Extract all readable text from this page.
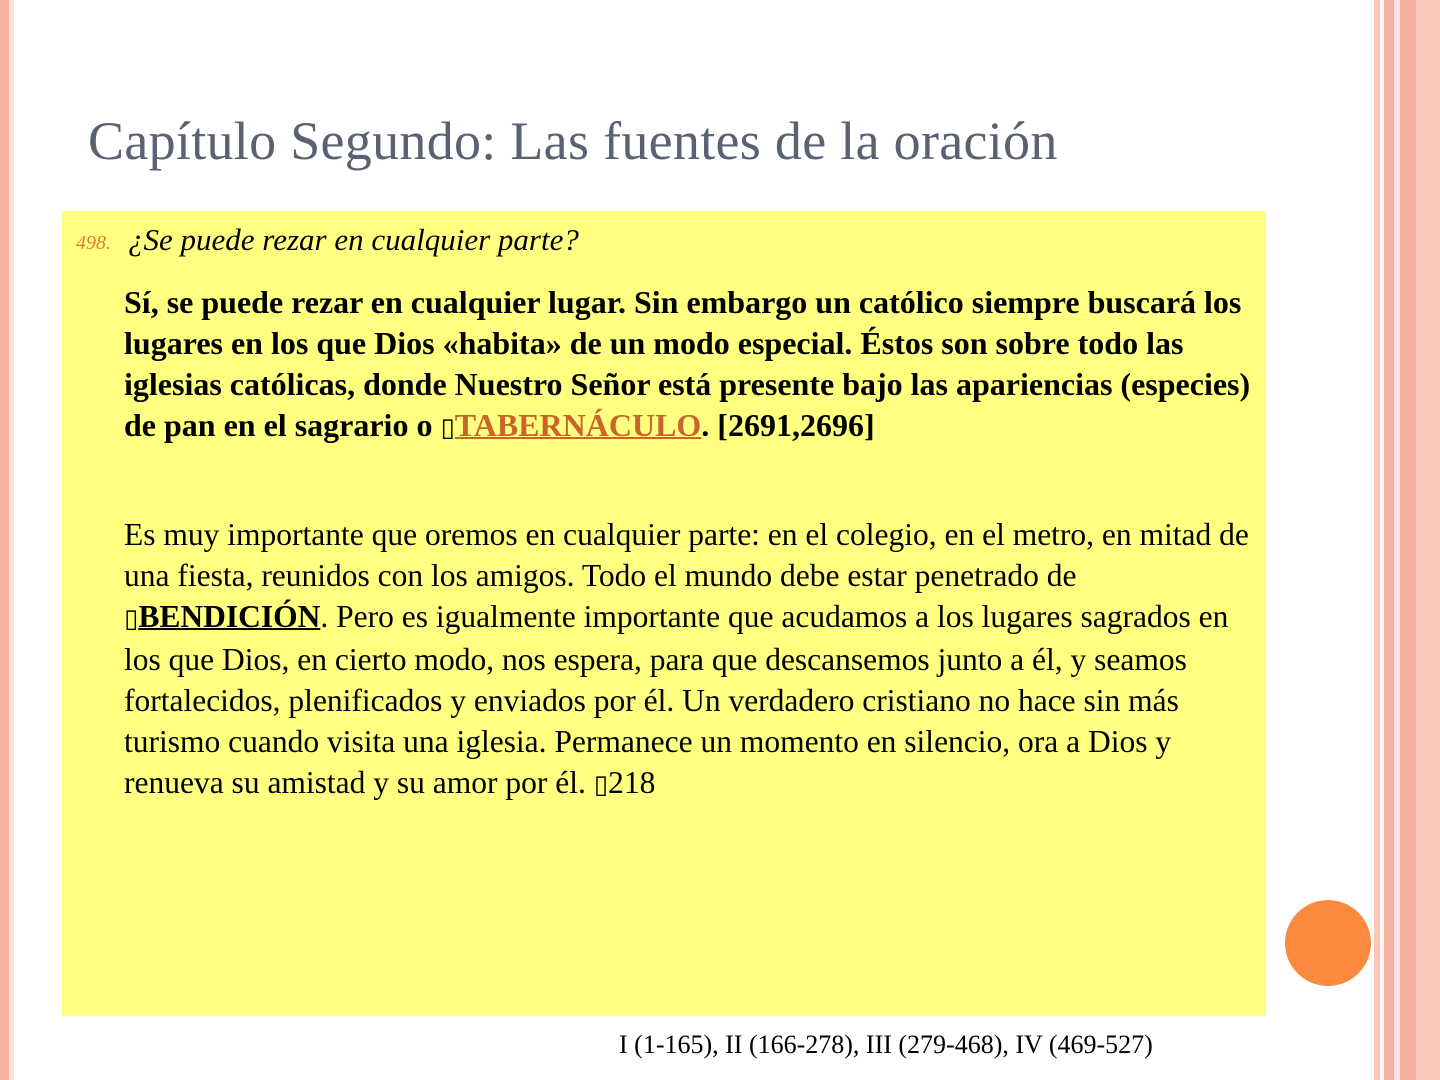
Capítulo Segundo: Las fuentes de la oración
498. ¿Se puede rezar en cualquier parte?

Sí, se puede rezar en cualquier lugar. Sin embargo un católico siempre buscará los lugares en los que Dios «habita» de un modo especial. Éstos son sobre todo las iglesias católicas, donde Nuestro Señor está presente bajo las apariencias (especies) de pan en el sagrario o ▯TABERNÁCULO. [2691,2696]

Es muy importante que oremos en cualquier parte: en el colegio, en el metro, en mitad de una fiesta, reunidos con los amigos. Todo el mundo debe estar penetrado de ▯BENDICIÓN. Pero es igualmente importante que acudamos a los lugares sagrados en los que Dios, en cierto modo, nos espera, para que descansemos junto a él, y seamos fortalecidos, plenificados y enviados por él. Un verdadero cristiano no hace sin más turismo cuando visita una iglesia. Permanece un momento en silencio, ora a Dios y renueva su amistad y su amor por él. ▯218

I (1-165), II (166-278), III (279-468), IV (469-527)
